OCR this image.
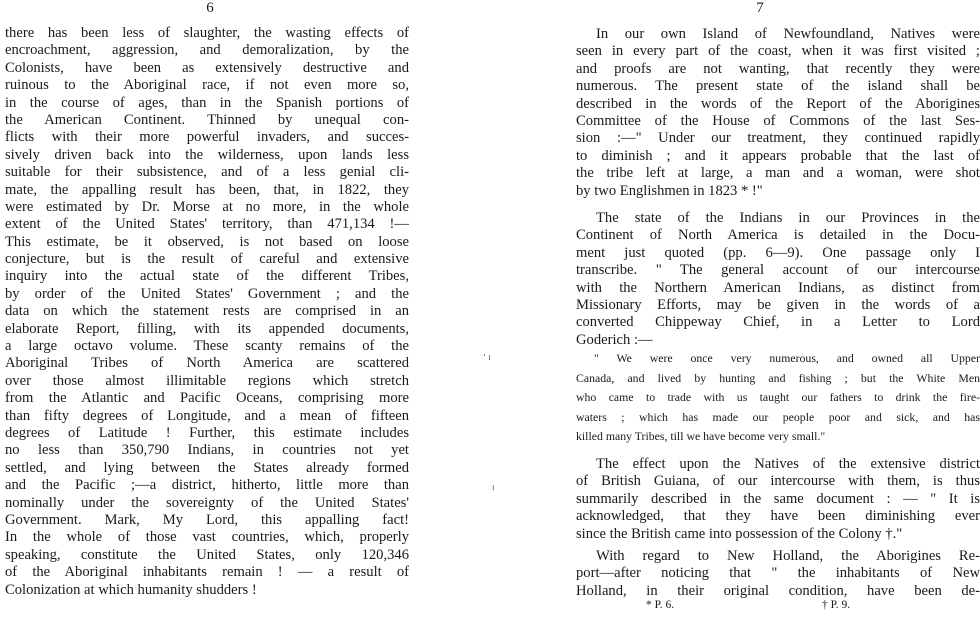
6
there has been less of slaughter, the wasting effects of
encroachment, aggression, and demoralization, by the
Colonists, have been as extensively destructive and
ruinous to the Aboriginal race, if not even more so,
in the course of ages, than in the Spanish portions of
the American Continent. Thinned by unequal con-
flicts with their more powerful invaders, and succes-
sively driven back into the wilderness, upon lands less
suitable for their subsistence, and of a less genial cli-
mate, the appalling result has been, that, in 1822, they
were estimated by Dr. Morse at no more, in the whole
extent of the United States' territory, than 471,134 !—
This estimate, be it observed, is not based on loose
conjecture, but is the result of careful and extensive
inquiry into the actual state of the different Tribes,
by order of the United States' Government ; and the
data on which the statement rests are comprised in an
elaborate Report, filling, with its appended documents,
a large octavo volume. These scanty remains of the
Aboriginal Tribes of North America are scattered
over those almost illimitable regions which stretch
from the Atlantic and Pacific Oceans, comprising more
than fifty degrees of Longitude, and a mean of fifteen
degrees of Latitude ! Further, this estimate includes
no less than 350,790 Indians, in countries not yet
settled, and lying between the States already formed
and the Pacific ;—a district, hitherto, little more than
nominally under the sovereignty of the United States'
Government. Mark, My Lord, this appalling fact!
In the whole of those vast countries, which, properly
speaking, constitute the United States, only 120,346
of the Aboriginal inhabitants remain ! — a result of
Colonization at which humanity shudders !
‘ ɪ
ɪ
7
In our own Island of Newfoundland, Natives were
seen in every part of the coast, when it was first visited ;
and proofs are not wanting, that recently they were
numerous. The present state of the island shall be
described in the words of the Report of the Aborigines
Committee of the House of Commons of the last Ses-
sion :—" Under our treatment, they continued rapidly
to diminish ; and it appears probable that the last of
the tribe left at large, a man and a woman, were shot
by two Englishmen in 1823 * !"
The state of the Indians in our Provinces in the
Continent of North America is detailed in the Docu-
ment just quoted (pp. 6—9). One passage only I
transcribe. " The general account of our intercourse
with the Northern American Indians, as distinct from
Missionary Efforts, may be given in the words of a
converted Chippeway Chief, in a Letter to Lord
Goderich :—
" We were once very numerous, and owned all Upper
Canada, and lived by hunting and fishing ; but the White Men
who came to trade with us taught our fathers to drink the fire-
waters ; which has made our people poor and sick, and has
killed many Tribes, till we have become very small."
The effect upon the Natives of the extensive district
of British Guiana, of our intercourse with them, is thus
summarily described in the same document : — " It is
acknowledged, that they have been diminishing ever
since the British came into possession of the Colony †."
With regard to New Holland, the Aborigines Re-
port—after noticing that " the inhabitants of New
Holland, in their original condition, have been de-
* P. 6.	† P. 9.
